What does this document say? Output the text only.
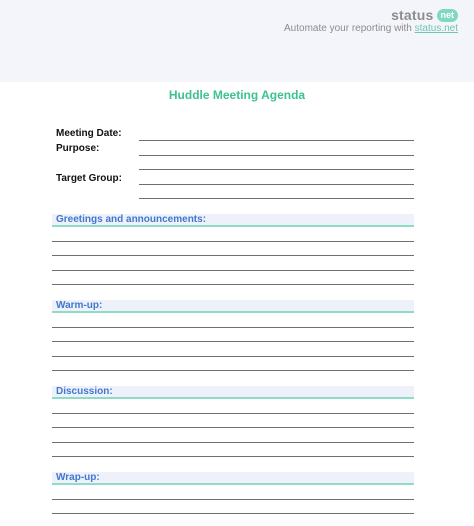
status net
Automate your reporting with status.net
Huddle Meeting Agenda
Meeting Date:
Purpose:
Target Group:
Greetings and announcements:
Warm-up:
Discussion:
Wrap-up:
